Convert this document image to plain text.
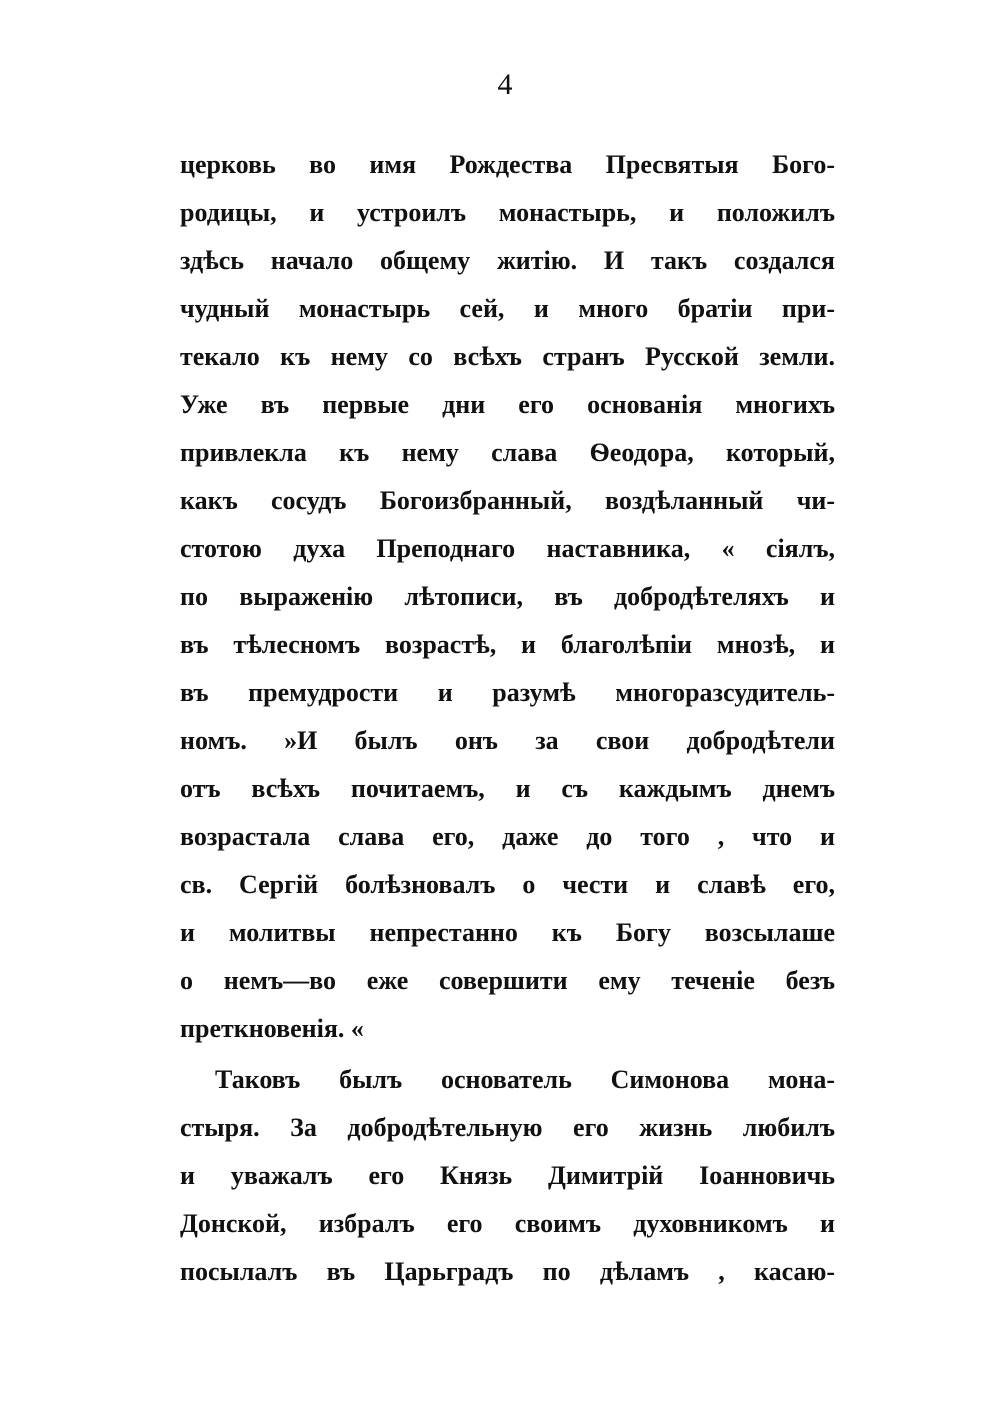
4
церковь во имя Рождества Пресвятыя Бого-
родицы, и устроилъ монастырь, и положилъ
здѣсь начало общему житію. И такъ создался
чудный монастырь сей, и много братіи при-
текало къ нему со всѣхъ странъ Русской земли.
Уже въ первые дни его основанія многихъ
привлекла къ нему слава Ѳеодора, который,
какъ сосудъ Богоизбранный, воздѣланный чи-
стотою духа Преподнаго наставника, « сіялъ,
по выраженію лѣтописи, въ добродѣтеляхъ и
въ тѣлесномъ возрастѣ, и благолѣпіи мнозѣ, и
въ премудрости и разумѣ многоразсудитель-
номъ. »И былъ онъ за свои добродѣтели
отъ всѣхъ почитаемъ, и съ каждымъ днемъ
возрастала слава его, даже до того , что и
св. Сергій болѣзновалъ о чести и славѣ его,
и молитвы непрестанно къ Богу возсылаше
о немъ—во еже совершити ему теченіе безъ
преткновенія. «
Таковъ былъ основатель Симонова мона-
стыря. За добродѣтельную его жизнь любилъ
и уважалъ его Князь Димитрій Іоанновичь
Донской, избралъ его своимъ духовникомъ и
посылалъ въ Царьградъ по дѣламъ , касаю-
